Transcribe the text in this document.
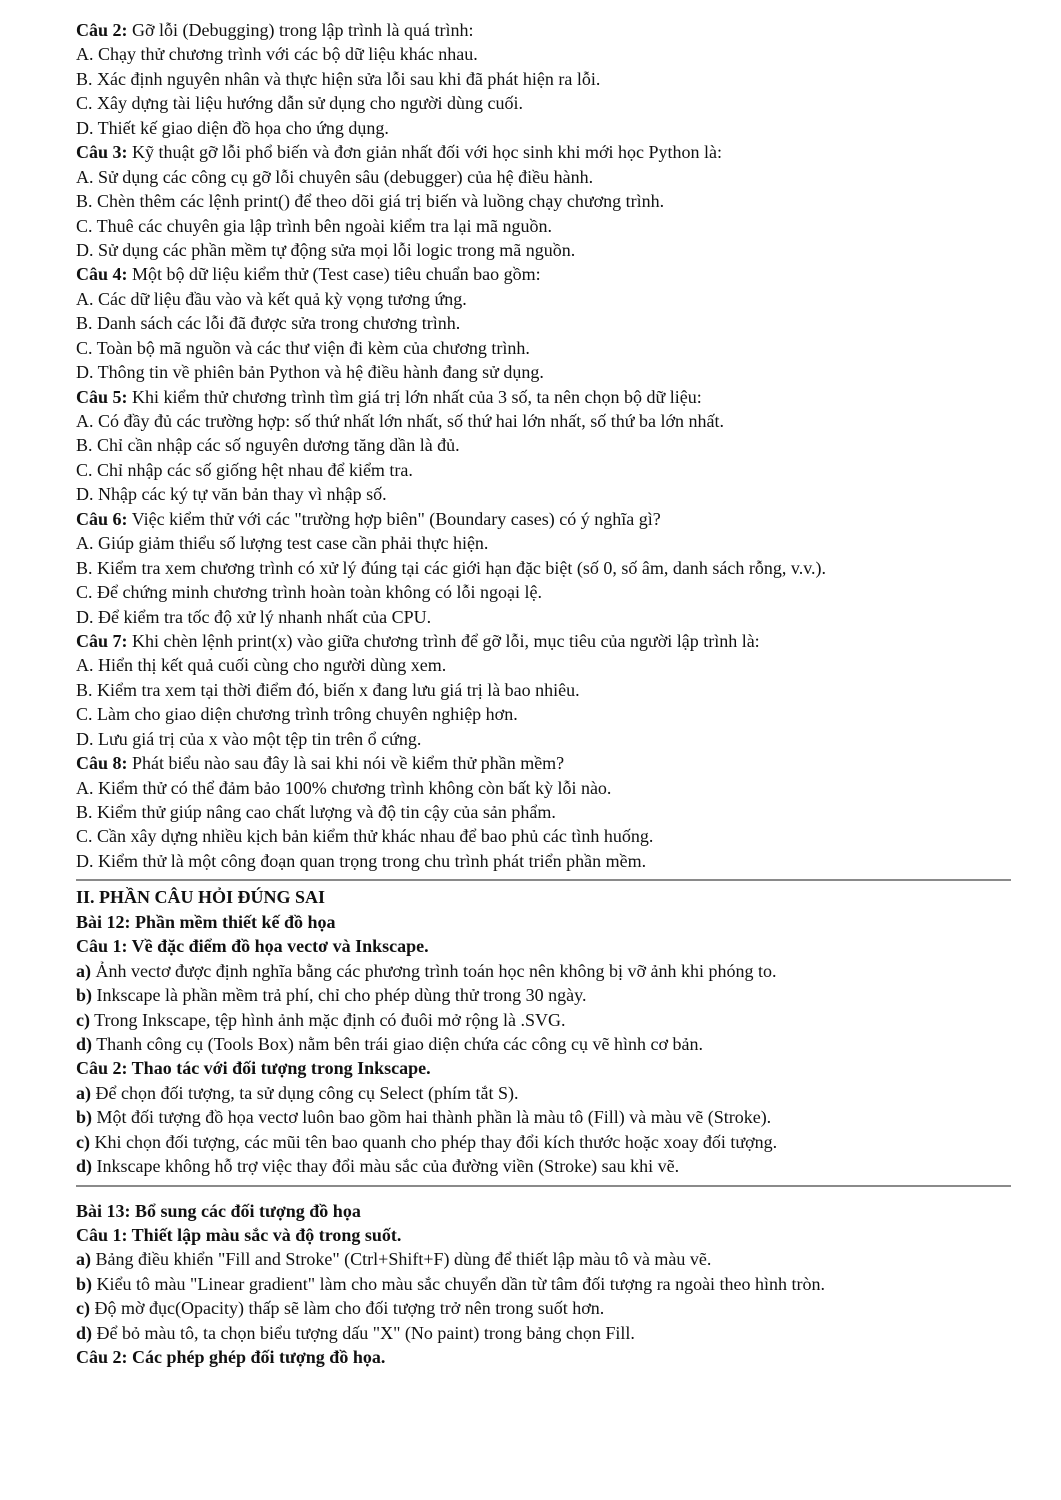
Câu 2: Gỡ lỗi (Debugging) trong lập trình là quá trình:
A. Chạy thử chương trình với các bộ dữ liệu khác nhau.
B. Xác định nguyên nhân và thực hiện sửa lỗi sau khi đã phát hiện ra lỗi.
C. Xây dựng tài liệu hướng dẫn sử dụng cho người dùng cuối.
D. Thiết kế giao diện đồ họa cho ứng dụng.
Câu 3: Kỹ thuật gỡ lỗi phổ biến và đơn giản nhất đối với học sinh khi mới học Python là:
A. Sử dụng các công cụ gỡ lỗi chuyên sâu (debugger) của hệ điều hành.
B. Chèn thêm các lệnh print() để theo dõi giá trị biến và luồng chạy chương trình.
C. Thuê các chuyên gia lập trình bên ngoài kiểm tra lại mã nguồn.
D. Sử dụng các phần mềm tự động sửa mọi lỗi logic trong mã nguồn.
Câu 4: Một bộ dữ liệu kiểm thử (Test case) tiêu chuẩn bao gồm:
A. Các dữ liệu đầu vào và kết quả kỳ vọng tương ứng.
B. Danh sách các lỗi đã được sửa trong chương trình.
C. Toàn bộ mã nguồn và các thư viện đi kèm của chương trình.
D. Thông tin về phiên bản Python và hệ điều hành đang sử dụng.
Câu 5: Khi kiểm thử chương trình tìm giá trị lớn nhất của 3 số, ta nên chọn bộ dữ liệu:
A. Có đầy đủ các trường hợp: số thứ nhất lớn nhất, số thứ hai lớn nhất, số thứ ba lớn nhất.
B. Chỉ cần nhập các số nguyên dương tăng dần là đủ.
C. Chỉ nhập các số giống hệt nhau để kiểm tra.
D. Nhập các ký tự văn bản thay vì nhập số.
Câu 6: Việc kiểm thử với các "trường hợp biên" (Boundary cases) có ý nghĩa gì?
A. Giúp giảm thiểu số lượng test case cần phải thực hiện.
B. Kiểm tra xem chương trình có xử lý đúng tại các giới hạn đặc biệt (số 0, số âm, danh sách rỗng, v.v.).
C. Để chứng minh chương trình hoàn toàn không có lỗi ngoại lệ.
D. Để kiểm tra tốc độ xử lý nhanh nhất của CPU.
Câu 7: Khi chèn lệnh print(x) vào giữa chương trình để gỡ lỗi, mục tiêu của người lập trình là:
A. Hiển thị kết quả cuối cùng cho người dùng xem.
B. Kiểm tra xem tại thời điểm đó, biến x đang lưu giá trị là bao nhiêu.
C. Làm cho giao diện chương trình trông chuyên nghiệp hơn.
D. Lưu giá trị của x vào một tệp tin trên ổ cứng.
Câu 8: Phát biểu nào sau đây là sai khi nói về kiểm thử phần mềm?
A. Kiểm thử có thể đảm bảo 100% chương trình không còn bất kỳ lỗi nào.
B. Kiểm thử giúp nâng cao chất lượng và độ tin cậy của sản phẩm.
C. Cần xây dựng nhiều kịch bản kiểm thử khác nhau để bao phủ các tình huống.
D. Kiểm thử là một công đoạn quan trọng trong chu trình phát triển phần mềm.
II. PHẦN CÂU HỎI ĐÚNG SAI
Bài 12: Phần mềm thiết kế đồ họa
Câu 1: Về đặc điểm đồ họa vectơ và Inkscape.
a) Ảnh vectơ được định nghĩa bằng các phương trình toán học nên không bị vỡ ảnh khi phóng to.
b) Inkscape là phần mềm trả phí, chỉ cho phép dùng thử trong 30 ngày.
c) Trong Inkscape, tệp hình ảnh mặc định có đuôi mở rộng là .SVG.
d) Thanh công cụ (Tools Box) nằm bên trái giao diện chứa các công cụ vẽ hình cơ bản.
Câu 2: Thao tác với đối tượng trong Inkscape.
a) Để chọn đối tượng, ta sử dụng công cụ Select (phím tắt S).
b) Một đối tượng đồ họa vectơ luôn bao gồm hai thành phần là màu tô (Fill) và màu vẽ (Stroke).
c) Khi chọn đối tượng, các mũi tên bao quanh cho phép thay đổi kích thước hoặc xoay đối tượng.
d) Inkscape không hỗ trợ việc thay đổi màu sắc của đường viền (Stroke) sau khi vẽ.
Bài 13: Bổ sung các đối tượng đồ họa
Câu 1: Thiết lập màu sắc và độ trong suốt.
a) Bảng điều khiển "Fill and Stroke" (Ctrl+Shift+F) dùng để thiết lập màu tô và màu vẽ.
b) Kiểu tô màu "Linear gradient" làm cho màu sắc chuyển dần từ tâm đối tượng ra ngoài theo hình tròn.
c) Độ mờ đục(Opacity) thấp sẽ làm cho đối tượng trở nên trong suốt hơn.
d) Để bỏ màu tô, ta chọn biểu tượng dấu "X" (No paint) trong bảng chọn Fill.
Câu 2: Các phép ghép đối tượng đồ họa.
